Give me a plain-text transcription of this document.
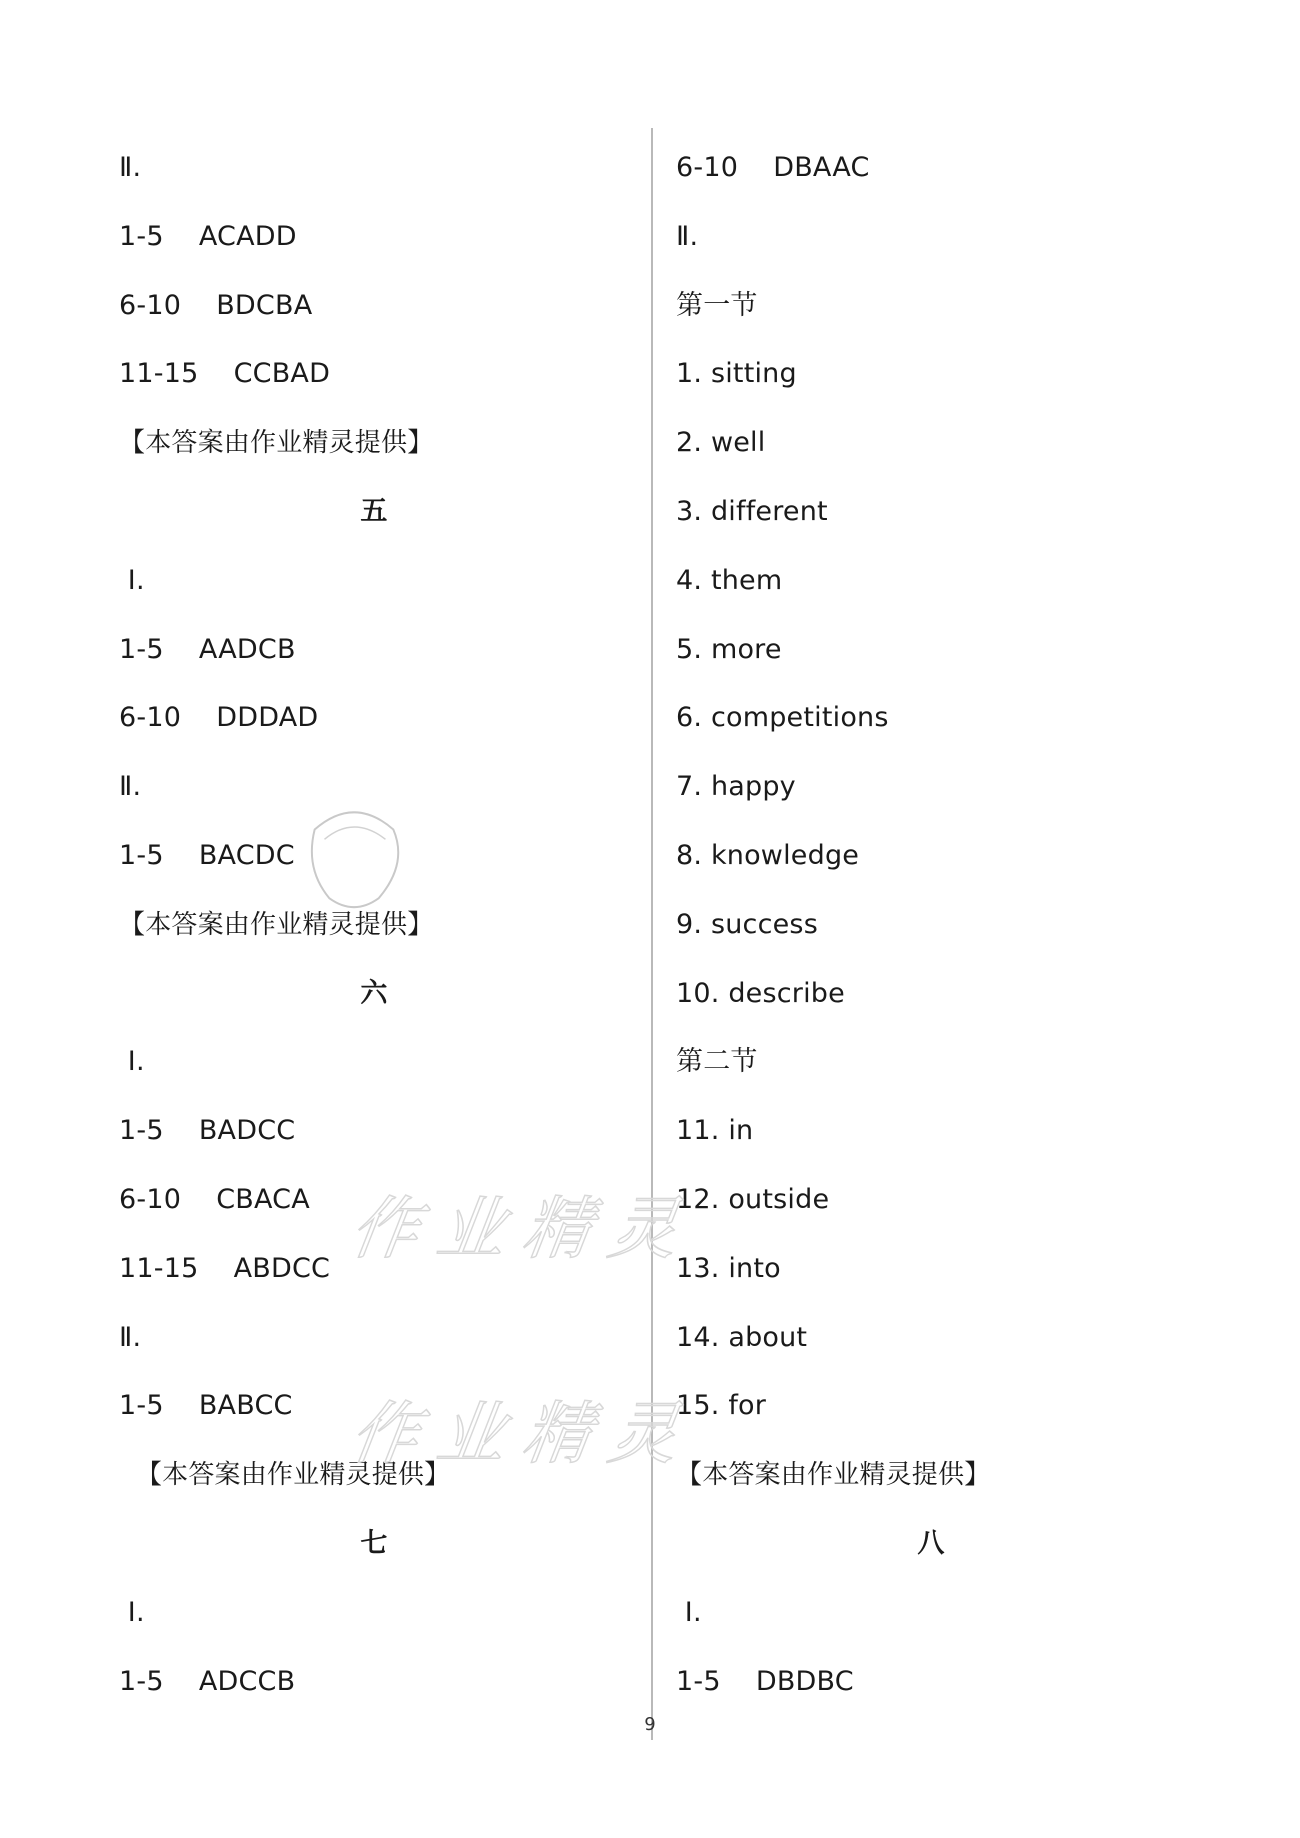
Ⅱ.
1-5    ACADD
6-10    BDCBA
11-15    CCBAD
【本答案由作业精灵提供】
五
Ⅰ.
1-5    AADCB
6-10    DDDAD
Ⅱ.
1-5    BACDC
【本答案由作业精灵提供】
六
Ⅰ.
1-5    BADCC
6-10    CBACA
11-15    ABDCC
Ⅱ.
1-5    BABCC
【本答案由作业精灵提供】
七
Ⅰ.
1-5    ADCCB
6-10    DBAAC
Ⅱ.
第一节
1. sitting
2. well
3. different
4. them
5. more
6. competitions
7. happy
8. knowledge
9. success
10. describe
第二节
11. in
12. outside
13. into
14. about
15. for
【本答案由作业精灵提供】
八
Ⅰ.
1-5    DBDBC
作业精灵
作业精灵
9
